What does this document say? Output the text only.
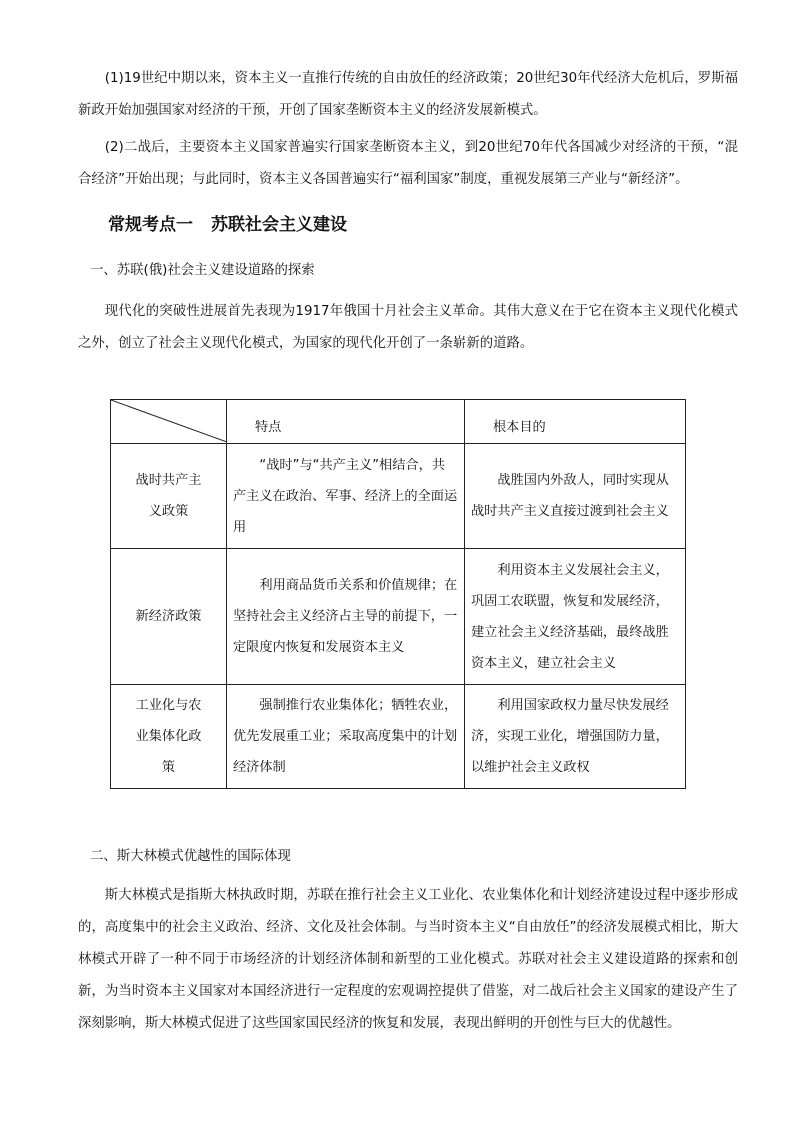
(1)19世纪中期以来，资本主义一直推行传统的自由放任的经济政策；20世纪30年代经济大危机后，罗斯福新政开始加强国家对经济的干预，开创了国家垄断资本主义的经济发展新模式。

(2)二战后，主要资本主义国家普遍实行国家垄断资本主义，到20世纪70年代各国减少对经济的干预，“混合经济”开始出现；与此同时，资本主义各国普遍实行“福利国家”制度，重视发展第三产业与“新经济”。

常规考点一 苏联社会主义建设

一、苏联(俄)社会主义建设道路的探索

现代化的突破性进展首先表现为1917年俄国十月社会主义革命。其伟大意义在于它在资本主义现代化模式之外，创立了社会主义现代化模式，为国家的现代化开创了一条崭新的道路。

	特点	根本目的
战时共产主义政策	“战时”与“共产主义”相结合，共产主义在政治、军事、经济上的全面运用	战胜国内外敌人，同时实现从战时共产主义直接过渡到社会主义
新经济政策	利用商品货币关系和价值规律；在坚持社会主义经济占主导的前提下，一定限度内恢复和发展资本主义	利用资本主义发展社会主义，巩固工农联盟，恢复和发展经济，建立社会主义经济基础，最终战胜资本主义，建立社会主义
工业化与农业集体化政策	强制推行农业集体化；牺牲农业，优先发展重工业；采取高度集中的计划经济体制	利用国家政权力量尽快发展经济，实现工业化，增强国防力量，以维护社会主义政权

二、斯大林模式优越性的国际体现

斯大林模式是指斯大林执政时期，苏联在推行社会主义工业化、农业集体化和计划经济建设过程中逐步形成的，高度集中的社会主义政治、经济、文化及社会体制。与当时资本主义“自由放任”的经济发展模式相比，斯大林模式开辟了一种不同于市场经济的计划经济体制和新型的工业化模式。苏联对社会主义建设道路的探索和创新，为当时资本主义国家对本国经济进行一定程度的宏观调控提供了借鉴，对二战后社会主义国家的建设产生了深刻影响，斯大林模式促进了这些国家国民经济的恢复和发展，表现出鲜明的开创性与巨大的优越性。
